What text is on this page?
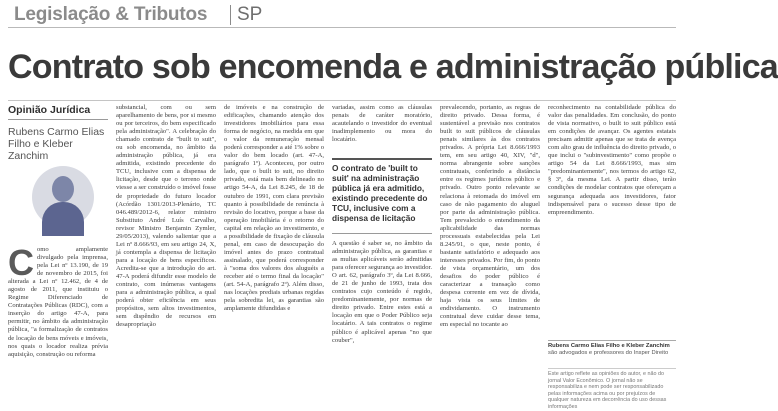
Legislação & Tributos SP
Contrato sob encomenda e administração pública
Opinião Jurídica
Rubens Carmo Elias Filho e Kleber Zanchim
C omo amplamente divulgado pela imprensa, pela Lei nº 13.190, de 19 de novembro de 2015, foi alterada a Lei nº 12.462, de 4 de agosto de 2011, que instituiu o Regime Diferenciado de Contratações Públicas (RDC), com a inserção do artigo 47-A, para permitir, no âmbito da administração pública, "a formalização de contratos de locação de bens móveis e imóveis, nos quais o locador realiza prévia aquisição, construção ou reforma
substancial, com ou sem aparelhamento de bens, por si mesmo ou por terceiros, do bem especificado pela administração". A celebração do chamado contrato de "built to suit", ou sob encomenda, no âmbito da administração pública, já era admitida, existindo precedente do TCU, inclusive com a dispensa de licitação, desde que o terreno onde viesse a ser construído o imóvel fosse de propriedade do futuro locador (Acórdão 1301/2013-Plenário, TC 046.489/2012-6, relator ministro Substituto André Luís Carvalho, revisor Ministro Benjamin Zymler, 29/05/2013), valendo salientar que a Lei nº 8.666/93, em seu artigo 24, X, já contempla a dispensa de licitação para a locação de bens específicos. Acredita-se que a introdução do art. 47-A poderá difundir esse modelo de contrato, com inúmeras vantagens para a administração pública, a qual poderá obter eficiência em seus propósitos, sem altos investimentos, sem dispêndio de recursos em desapropriação
de imóveis e na construção de edificações, chamando atenção dos investidores imobiliários para essa forma de negócio, na medida em que o valor da remuneração mensal poderá corresponder a até 1% sobre o valor do bem locado (art. 47-A, parágrafo 1º). Aconteceu, por outro lado, que o built to suit, no direito privado, está mais bem delineado no artigo 54-A, da Lei 8.245, de 18 de outubro de 1991, com clara previsão quanto à possibilidade de renúncia à revisão do locativo, porque a base da operação imobiliária é o retorno do capital em relação ao investimento, e a possibilidade de fixação de cláusula penal, em caso de desocupação do imóvel antes do prazo contratual assinalado, que poderá corresponder à "soma dos valores dos aluguéis a receber até o termo final da locação" (art. 54-A, parágrafo 2º). Além disso, nas locações prediais urbanas regidas pela sobredita lei, as garantias são amplamente difundidas e
variadas, assim como as cláusulas penais de caráter moratório, acautelando o investidor do eventual inadimplemento ou mora do locatário.
O contrato de 'built to suit' na administração pública já era admitido, existindo precedente do TCU, inclusive com a dispensa de licitação
A questão é saber se, no âmbito da administração pública, as garantias e as multas aplicáveis serão admitidas para oferecer segurança ao investidor. O art. 62, parágrafo 3º, da Lei 8.666, de 21 de junho de 1993, trata dos contratos cujo conteúdo é regido, predominantemente, por normas de direito privado. Entre estes está a locação em que o Poder Público seja locatário. A tais contratos o regime público é aplicável apenas "no que couber",
prevalecendo, portanto, as regras de direito privado. Dessa forma, é sustentável a previsão nos contratos built to suit públicos de cláusulas penais similares às dos contratos privados. A própria Lei 8.666/1993 tem, em seu artigo 40, XIV, "d", norma abrangente sobre sanções contratuais, conferindo a distância entre os regimes jurídicos público e privado. Outro ponto relevante se relaciona à retomada do imóvel em caso de não pagamento do aluguel por parte da administração pública. Tem prevalecido o entendimento da aplicabilidade das normas processuais estabelecidas pela Lei 8.245/91, o que, neste ponto, é bastante satisfatório e adequado aos interesses privados. Por fim, do ponto de vista orçamentário, um dos desafios do poder público é caracterizar a transação como despesa corrente em vez de dívida, haja vista os seus limites de endividamento. O instrumento contratual deve cuidar desse tema, em especial no tocante ao
reconhecimento na contabilidade pública do valor das penalidades. Em conclusão, do ponto de vista normativo, o built to suit público está em condições de avançar. Os agentes estatais precisam admitir apenas que se trata de avença com alto grau de influência do direito privado, o que inclui o "subinvestimento" como propõe o artigo 54 da Lei 8.666/1993, mas sim "predominantemente", nos termos do artigo 62, § 3º, da mesma Lei. A partir disso, terão condições de modelar contratos que ofereçam a segurança adequada aos investidores, fator indispensável para o sucesso desse tipo de empreendimento.
Rubens Carmo Elias Filho e Kleber Zanchim são advogados e professores do Insper Direito
Este artigo reflete as opiniões do autor, e não do jornal Valor Econômico. O jornal não se responsabiliza e nem pode ser responsabilizado pelas informações acima ou por prejuízos de qualquer natureza em decorrência do uso dessas informações
